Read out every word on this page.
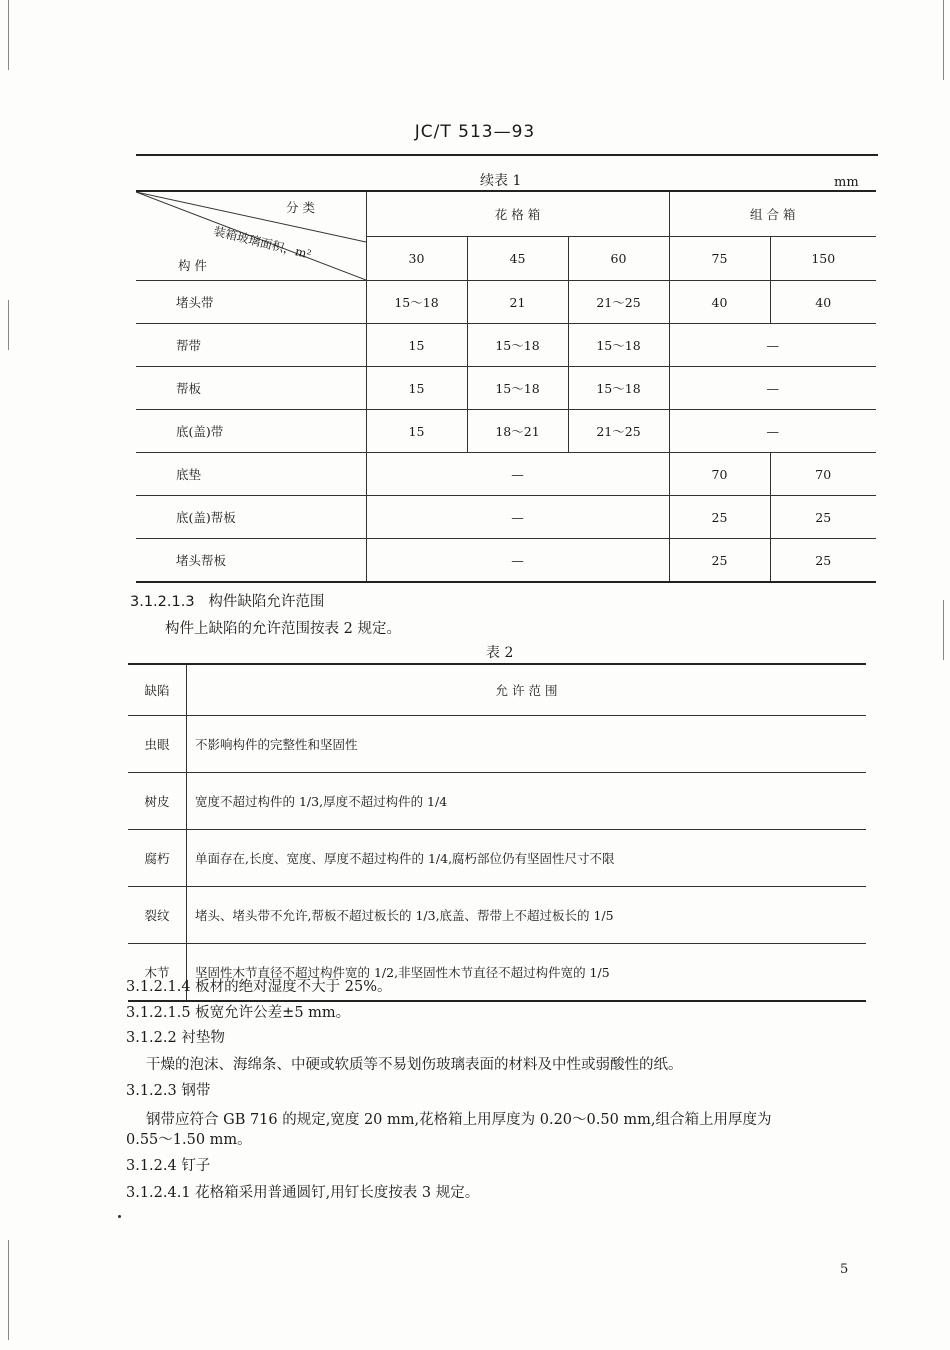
JC/T 513—93
续表 1	mm
分 类
装箱玻璃面积，m²
构 件	花 格 箱			组 合 箱	
	30	45	60	75	150
堵头带	15～18	21	21～25	40	40
帮带	15	15～18	15～18	—	
帮板	15	15～18	15～18	—	
底(盖)带	15	18～21	21～25	—	
底垫	—			70	70
底(盖)帮板	—			25	25
堵头帮板	—			25	25
3.1.2.1.3 构件缺陷允许范围
构件上缺陷的允许范围按表 2 规定。
表 2
缺陷	允 许 范 围
虫眼	不影响构件的完整性和坚固性
树皮	宽度不超过构件的 1/3,厚度不超过构件的 1/4
腐朽	单面存在,长度、宽度、厚度不超过构件的 1/4,腐朽部位仍有坚固性尺寸不限
裂纹	堵头、堵头带不允许,帮板不超过板长的 1/3,底盖、帮带上不超过板长的 1/5
木节	坚固性木节直径不超过构件宽的 1/2,非坚固性木节直径不超过构件宽的 1/5
3.1.2.1.4 板材的绝对湿度不大于 25%。
3.1.2.1.5 板宽允许公差±5 mm。
3.1.2.2 衬垫物
干燥的泡沫、海绵条、中硬或软质等不易划伤玻璃表面的材料及中性或弱酸性的纸。
3.1.2.3 钢带
钢带应符合 GB 716 的规定,宽度 20 mm,花格箱上用厚度为 0.20～0.50 mm,组合箱上用厚度为
0.55～1.50 mm。
3.1.2.4 钉子
3.1.2.4.1 花格箱采用普通圆钉,用钉长度按表 3 规定。
5
